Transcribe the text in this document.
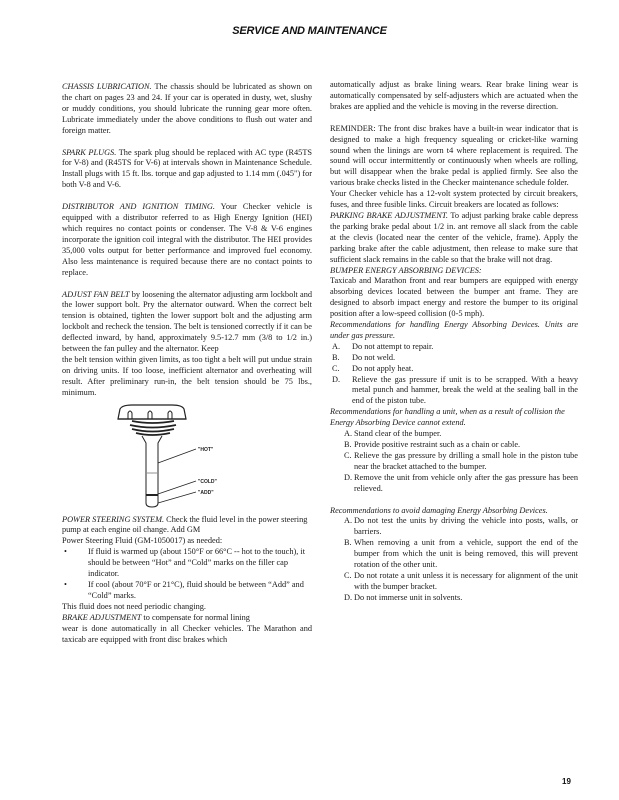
SERVICE AND MAINTENANCE

CHASSIS LUBRICATION. The chassis should be lubricated as shown on the chart on pages 23 and 24. If your car is operated in dusty, wet, slushy or muddy conditions, you should lubricate the running gear more often. Lubricate immediately under the above conditions to flush out water and foreign matter.

SPARK PLUGS. The spark plug should be replaced with AC type (R45TS for V-8) and (R45TS for V-6) at intervals shown in Maintenance Schedule. Install plugs with 15 ft. lbs. torque and gap adjusted to 1.14 mm (.045") for both V-8 and V-6.

DISTRIBUTOR AND IGNITION TIMING. Your Checker vehicle is equipped with a distributor referred to as High Energy Ignition (HEI) which requires no contact points or condenser. The V-8 & V-6 engines incorporate the ignition coil integral with the distributor. The HEI provides 35,000 volts output for better performance and improved fuel economy. Also less maintenance is required because there are no contact points to replace.

ADJUST FAN BELT by loosening the alternator adjusting arm lockbolt and the lower support bolt. Pry the alternator outward. When the correct belt tension is obtained, tighten the lower support bolt and the adjusting arm lockbolt and recheck the tension. The belt is tensioned correctly if it can be deflected inward, by hand, approximately 9.5-12.7 mm (3/8 to 1/2 in.) between the fan pulley and the alternator. Keep

the belt tension within given limits, as too tight a belt will put undue strain on driving units. If too loose, inefficient alternator and overheating will result. After preliminary run-in, the belt tension should be 75 lbs., minimum.

"HOT"
"COLD"
"ADD"

POWER STEERING SYSTEM. Check the fluid level in the power steering pump at each engine oil change. Add GM

Power Steering Fluid (GM-1050017) as needed:

•	If fluid is warmed up (about 150°F or 66°C -- hot to the touch), it should be between “Hot” and “Cold” marks on the filler cap indicator.
•	If cool (about 70°F or 21°C), fluid should be between “Add” and “Cold” marks.

This fluid does not need periodic changing.

BRAKE ADJUSTMENT to compensate for normal lining

wear is done automatically in all Checker vehicles. The Marathon and taxicab are equipped with front disc brakes which

automatically adjust as brake lining wears. Rear brake lining wear is automatically compensated by self-adjusters which are actuated when the brakes are applied and the vehicle is moving in the reverse direction.

REMINDER: The front disc brakes have a built-in wear indicator that is designed to make a high frequency squealing or cricket-like warning sound when the linings are worn t4 where replacement is required. The sound will occur intermittently or continuously when wheels are rolling, but will disappear when the brake pedal is applied firmly. See also the various brake checks listed in the Checker maintenance schedule folder.

Your Checker vehicle has a 12-volt system protected by circuit breakers, fuses, and three fusible links. Circuit breakers are located as follows:

PARKING BRAKE ADJUSTMENT. To adjust parking brake cable depress the parking brake pedal about 1/2 in. ant remove all slack from the cable at the clevis (located near the center of the vehicle, frame). Apply the parking brake after the cable adjustment, then release to make sure that sufficient slack remains in the cable so that the brake will not drag.

BUMPER ENERGY ABSORBING DEVICES:

Taxicab and Marathon front and rear bumpers are equipped with energy absorbing devices located between the bumper ant frame. They are designed to absorb impact energy and restore the bumper to its original position after a low-speed collision (0-5 mph).

Recommendations for handling Energy Absorbing Devices. Units are under gas pressure.

A.	Do not attempt to repair.
B.	Do not weld.
C.	Do not apply heat.
D.	Relieve the gas pressure if unit is to be scrapped. With a heavy metal punch and hammer, break the weld at the sealing ball in the end of the piston tube.

Recommendations for handling a unit, when as a result of collision the Energy Absorbing Device cannot extend.

A. Stand clear of the bumper.
B. Provide positive restraint such as a chain or cable.
C. Relieve the gas pressure by drilling a small hole in the piston tube near the bracket attached to the bumper.
D. Remove the unit from vehicle only after the gas pressure has been relieved.

Recommendations to avoid damaging Energy Absorbing Devices.

A. Do not test the units by driving the vehicle into posts, walls, or barriers.
B. When removing a unit from a vehicle, support the end of the bumper from which the unit is being removed, this will prevent rotation of the other unit.
C. Do not rotate a unit unless it is necessary for alignment of the unit with the bumper bracket.
D. Do not immerse unit in solvents.
19
